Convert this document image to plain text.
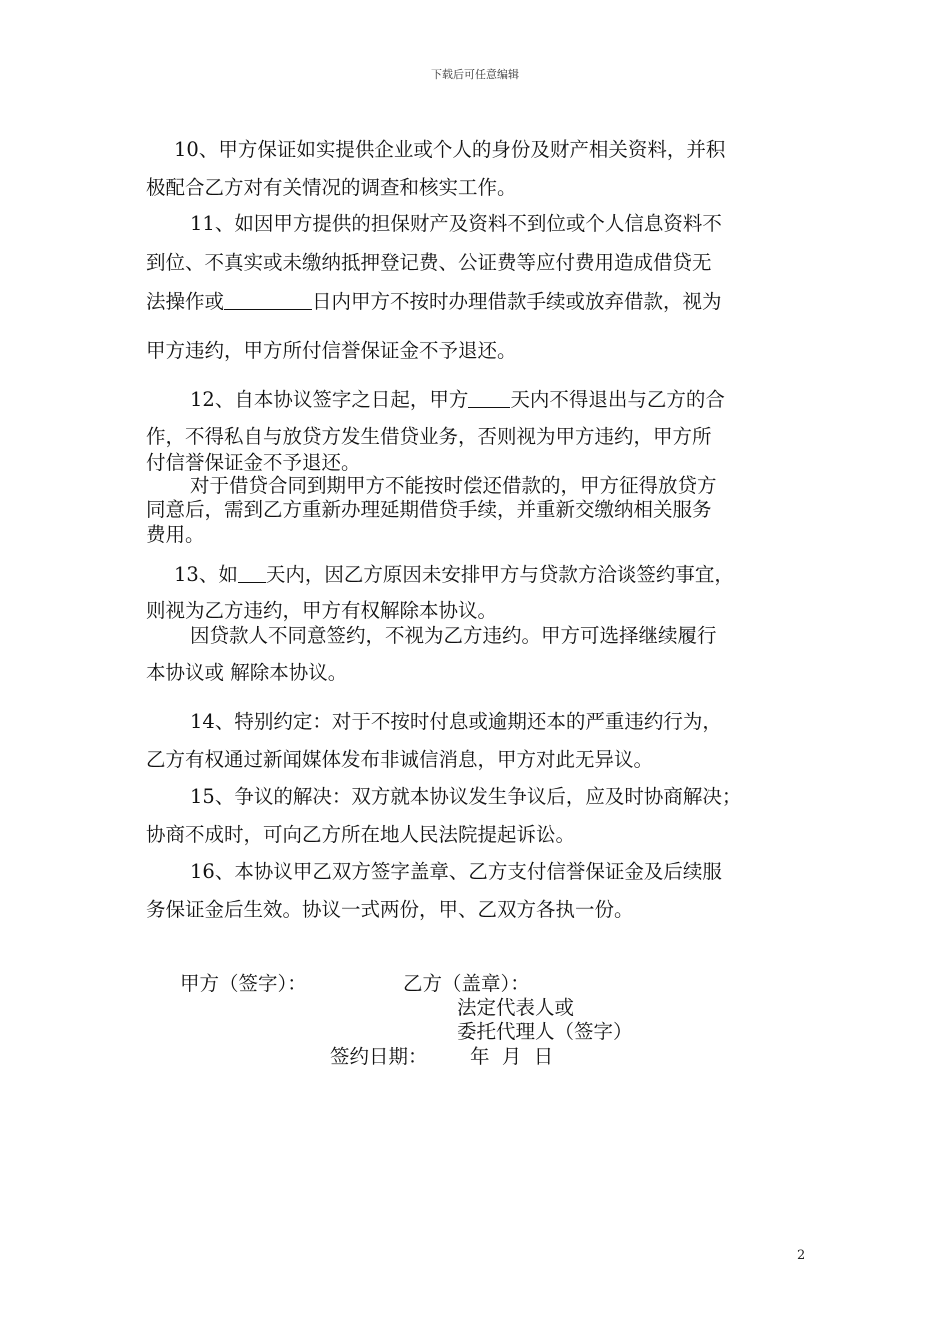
下载后可任意编辑
10、甲方保证如实提供企业或个人的身份及财产相关资料，并积
极配合乙方对有关情况的调查和核实工作。
11、如因甲方提供的担保财产及资料不到位或个人信息资料不
到位、不真实或未缴纳抵押登记费、公证费等应付费用造成借贷无
法操作或	日内甲方不按时办理借款手续或放弃借款，视为
甲方违约，甲方所付信誉保证金不予退还。
12、自本协议签字之日起，甲方 天内不得退出与乙方的合
作，不得私自与放贷方发生借贷业务，否则视为甲方违约，甲方所
付信誉保证金不予退还。
对于借贷合同到期甲方不能按时偿还借款的，甲方征得放贷方
同意后，需到乙方重新办理延期借贷手续，并重新交缴纳相关服务
费用。
13、如 天内，因乙方原因未安排甲方与贷款方洽谈签约事宜，
则视为乙方违约，甲方有权解除本协议。
因贷款人不同意签约，不视为乙方违约。甲方可选择继续履行
本协议或 解除本协议。
14、特别约定：对于不按时付息或逾期还本的严重违约行为，
乙方有权通过新闻媒体发布非诚信消息，甲方对此无异议。
15、争议的解决：双方就本协议发生争议后，应及时协商解决；
协商不成时，可向乙方所在地人民法院提起诉讼。
16、本协议甲乙双方签字盖章、乙方支付信誉保证金及后续服
务保证金后生效。协议一式两份，甲、乙双方各执一份。
甲方（签字）：	乙方（盖章）：
法定代表人或
委托代理人（签字）
签约日期： 年  月  日
2
